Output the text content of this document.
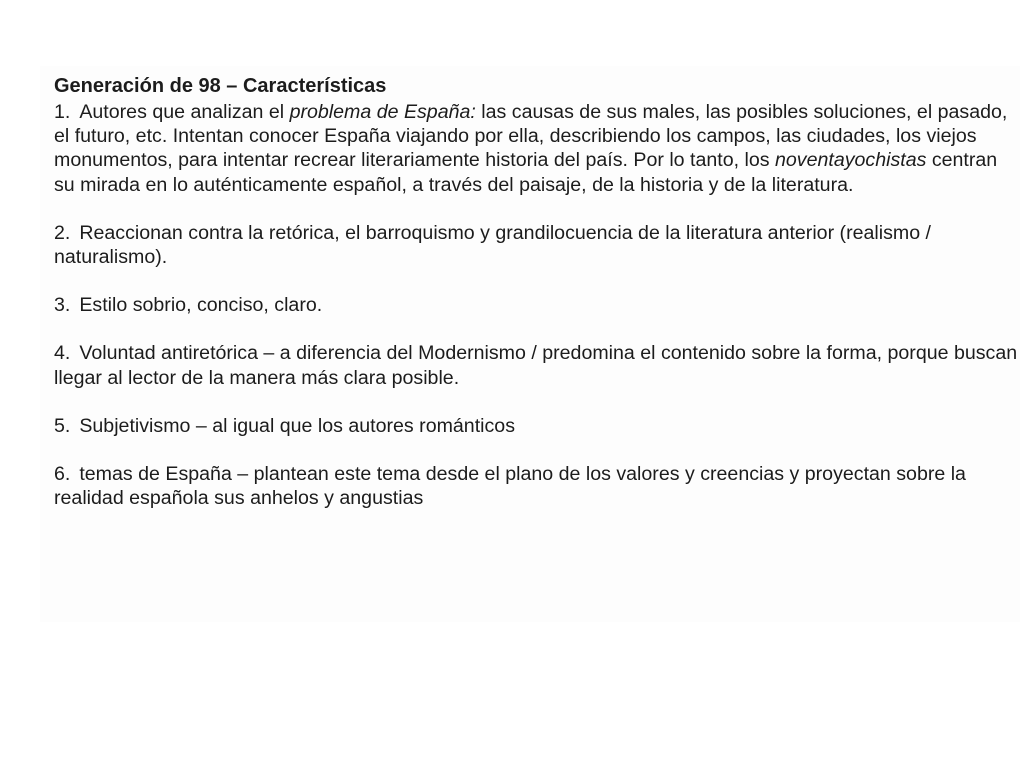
Generación de 98 – Características

1. Autores que analizan el problema de España: las causas de sus males, las posibles soluciones, el pasado, el futuro, etc. Intentan conocer España viajando por ella, describiendo los campos, las ciudades, los viejos monumentos, para intentar recrear literariamente historia del país. Por lo tanto, los noventayochistas centran su mirada en lo auténticamente español, a través del paisaje, de la historia y de la literatura.

2. Reaccionan contra la retórica, el barroquismo y grandilocuencia de la literatura anterior (realismo / naturalismo).

3. Estilo sobrio, conciso, claro.

4. Voluntad antiretórica – a diferencia del Modernismo / predomina el contenido sobre la forma, porque buscan llegar al lector de la manera más clara posible.

5. Subjetivismo – al igual que los autores románticos

6. temas de España – plantean este tema desde el plano de los valores y creencias y proyectan sobre la realidad española sus anhelos y angustias
